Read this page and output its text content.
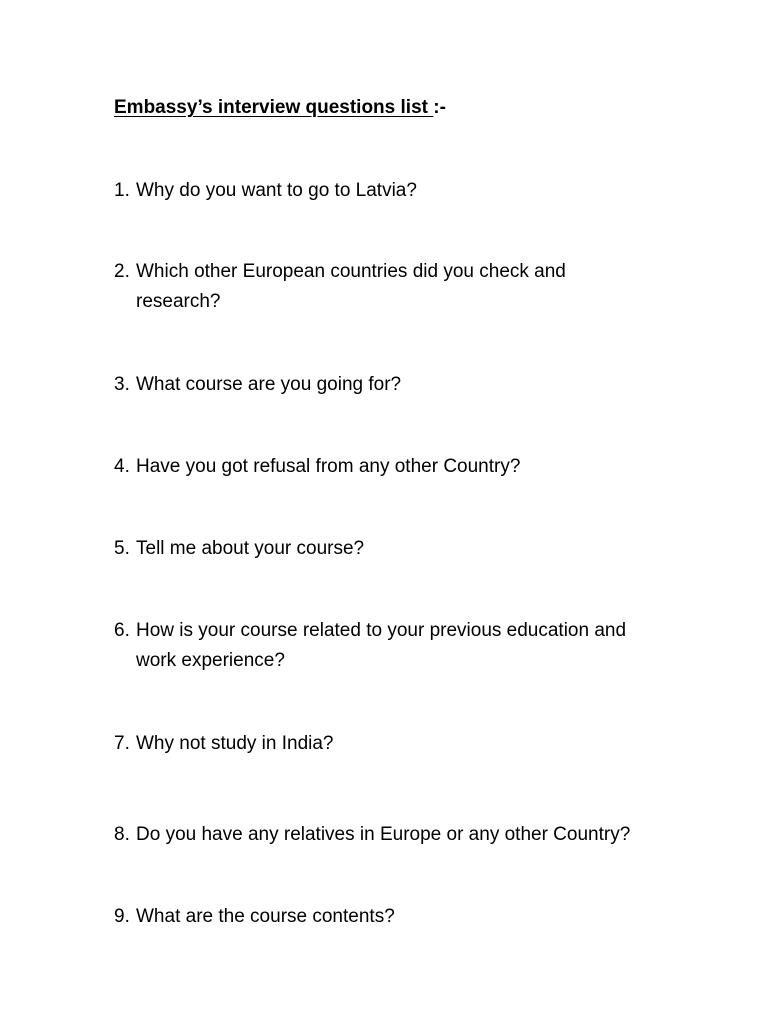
Embassy’s interview questions list :-
1. Why do you want to go to Latvia?
2. Which other European countries did you check and
research?
3. What course are you going for?
4. Have you got refusal from any other Country?
5. Tell me about your course?
6. How is your course related to your previous education and
work experience?
7. Why not study in India?
8. Do you have any relatives in Europe or any other Country?
9. What are the course contents?
